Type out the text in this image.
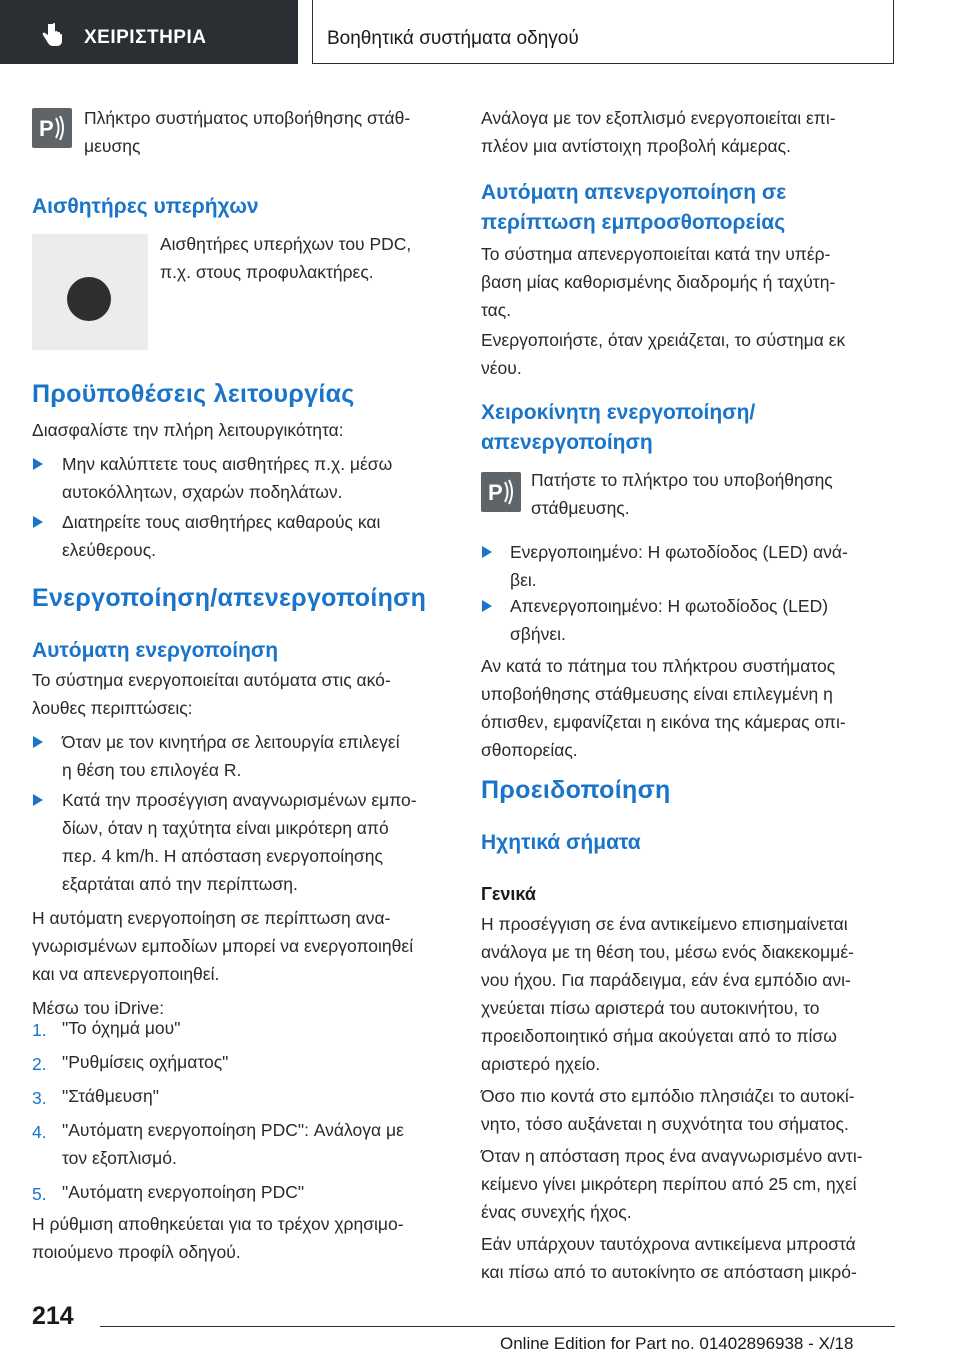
ΧΕΙΡΙΣΤΗΡΙΑ	Βοηθητικά συστήματα οδηγού
P Πλήκτρο συστήματος υποβοήθησης στάθ-
μευσης
Αισθητήρες υπερήχων
Αισθητήρες υπερήχων του PDC,
π.χ. στους προφυλακτήρες.
Προϋποθέσεις λειτουργίας
Διασφαλίστε την πλήρη λειτουργικότητα:
Μην καλύπτετε τους αισθητήρες π.χ. μέσω
αυτοκόλλητων, σχαρών ποδηλάτων.
Διατηρείτε τους αισθητήρες καθαρούς και
ελεύθερους.
Ενεργοποίηση/απενεργοποίηση
Αυτόματη ενεργοποίηση
Το σύστημα ενεργοποιείται αυτόματα στις ακό-
λουθες περιπτώσεις:
Όταν με τον κινητήρα σε λειτουργία επιλεγεί
η θέση του επιλογέα R.
Κατά την προσέγγιση αναγνωρισμένων εμπο-
δίων, όταν η ταχύτητα είναι μικρότερη από
περ. 4 km/h. Η απόσταση ενεργοποίησης
εξαρτάται από την περίπτωση.
Η αυτόματη ενεργοποίηση σε περίπτωση ανα-
γνωρισμένων εμποδίων μπορεί να ενεργοποιηθεί
και να απενεργοποιηθεί.
Μέσω του iDrive:
1. "Το όχημά μου"
2. "Ρυθμίσεις οχήματος"
3. "Στάθμευση"
4. "Αυτόματη ενεργοποίηση PDC": Ανάλογα με
τον εξοπλισμό.
5. "Αυτόματη ενεργοποίηση PDC"
Η ρύθμιση αποθηκεύεται για το τρέχον χρησιμο-
ποιούμενο προφίλ οδηγού.
Ανάλογα με τον εξοπλισμό ενεργοποιείται επι-
πλέον μια αντίστοιχη προβολή κάμερας.
Αυτόματη απενεργοποίηση σε
περίπτωση εμπροσθοπορείας
Το σύστημα απενεργοποιείται κατά την υπέρ-
βαση μίας καθορισμένης διαδρομής ή ταχύτη-
τας.
Ενεργοποιήστε, όταν χρειάζεται, το σύστημα εκ
νέου.
Χειροκίνητη ενεργοποίηση/
απενεργοποίηση
P Πατήστε το πλήκτρο του υποβοήθησης
στάθμευσης.
Ενεργοποιημένο: Η φωτοδίοδος (LED) ανά-
βει.
Απενεργοποιημένο: Η φωτοδίοδος (LED)
σβήνει.
Αν κατά το πάτημα του πλήκτρου συστήματος
υποβοήθησης στάθμευσης είναι επιλεγμένη η
όπισθεν, εμφανίζεται η εικόνα της κάμερας οπι-
σθοπορείας.
Προειδοποίηση
Ηχητικά σήματα
Γενικά
Η προσέγγιση σε ένα αντικείμενο επισημαίνεται
ανάλογα με τη θέση του, μέσω ενός διακεκομμέ-
νου ήχου. Για παράδειγμα, εάν ένα εμπόδιο ανι-
χνεύεται πίσω αριστερά του αυτοκινήτου, το
προειδοποιητικό σήμα ακούγεται από το πίσω
αριστερό ηχείο.
Όσο πιο κοντά στο εμπόδιο πλησιάζει το αυτοκί-
νητο, τόσο αυξάνεται η συχνότητα του σήματος.
Όταν η απόσταση προς ένα αναγνωρισμένο αντι-
κείμενο γίνει μικρότερη περίπου από 25 cm, ηχεί
ένας συνεχής ήχος.
Εάν υπάρχουν ταυτόχρονα αντικείμενα μπροστά
και πίσω από το αυτοκίνητο σε απόσταση μικρό-
214
Online Edition for Part no. 01402896938 - X/18
